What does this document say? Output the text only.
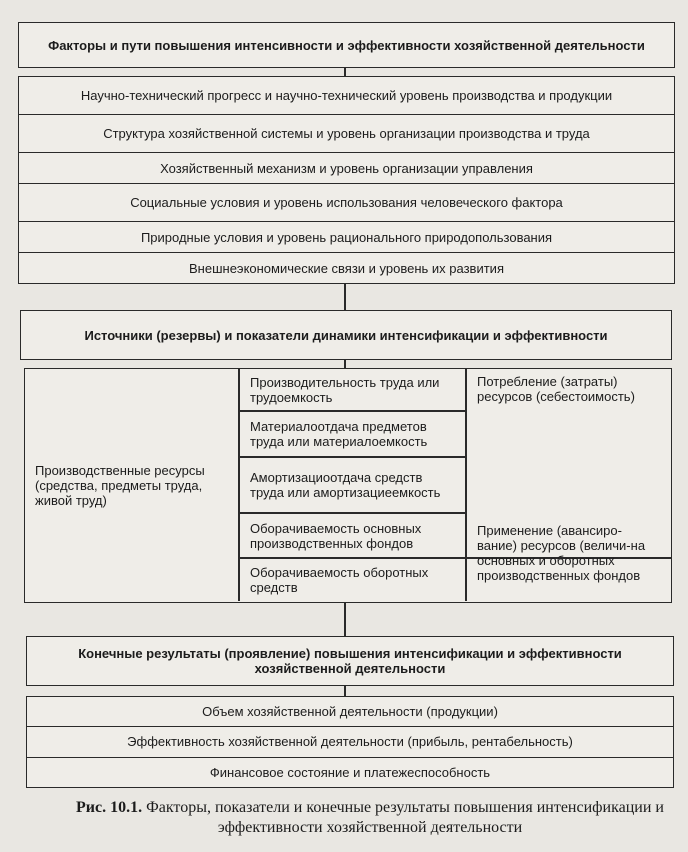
Факторы и пути повышения интенсивности и эффективности хозяйственной деятельности
Научно-технический прогресс и научно-технический уровень производства и продукции
Структура хозяйственной системы и уровень организации производства и труда
Хозяйственный механизм и уровень организации управления
Социальные условия и уровень использования человеческого фактора
Природные условия и уровень рационального природопользования
Внешнеэкономические связи и уровень их развития
Источники (резервы) и показатели динамики интенсификации и эффективности
Производственные ресурсы (средства, предметы труда, живой труд)
Производительность труда или трудоемкость
Материалоотдача предметов труда или материалоемкость
Амортизациоотдача средств труда или амортизациеемкость
Оборачиваемость основных производственных фондов
Оборачиваемость оборотных средств
Потребление (затраты) ресурсов (себестоимость)
Применение (авансиро-вание) ресурсов (величи-на основных и оборотных производственных фондов
Конечные результаты (проявление) повышения интенсификации и эффективности хозяйственной деятельности
Объем хозяйственной деятельности (продукции)
Эффективность хозяйственной деятельности (прибыль, рентабельность)
Финансовое состояние и платежеспособность
Рис. 10.1. Факторы, показатели и конечные результаты повышения интенсификации и эффективности хозяйственной деятельности
